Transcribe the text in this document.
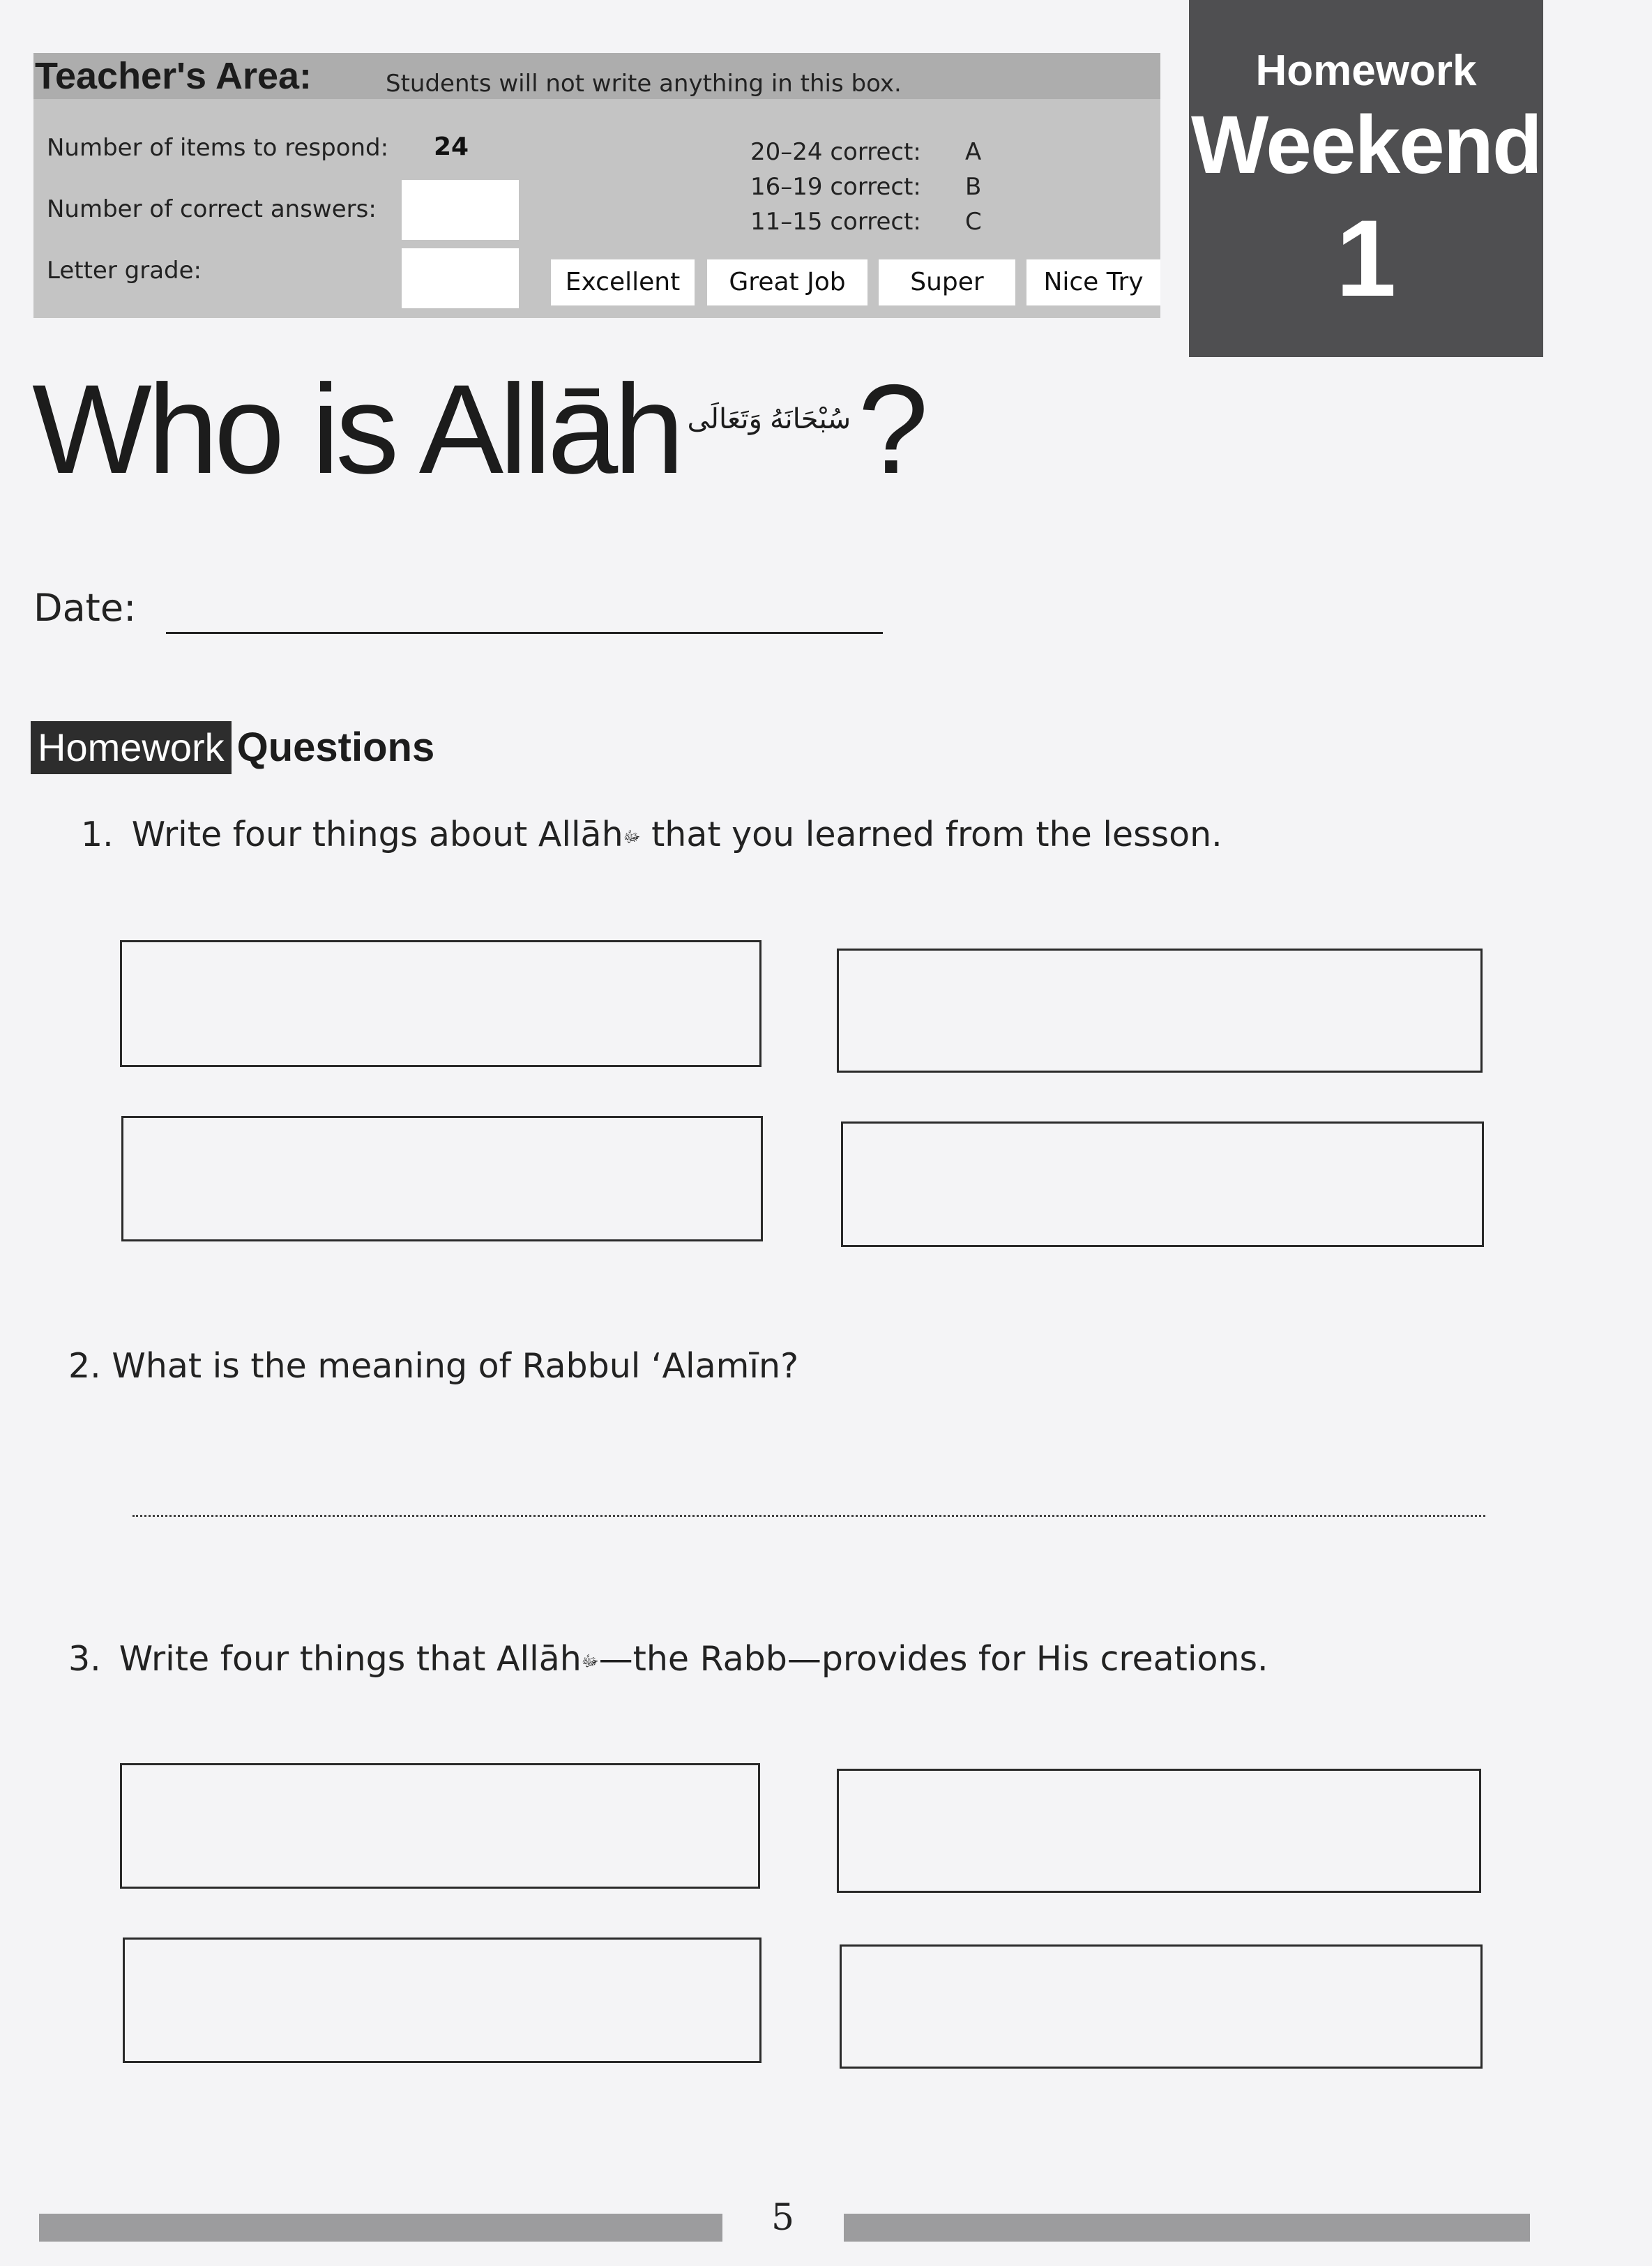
Teacher's Area:	Students will not write anything in this box.
Number of items to respond: 24
Number of correct answers:
Letter grade:
20–24 correct: A
16–19 correct: B
11–15 correct: C
Excellent	Great Job	Super	Nice Try
Homework
Weekend
1
Who is Allāh سُبْحَانَهُ وَتَعَالَى?
Date:
Homework Questions
1. Write four things about Allāhﷻ that you learned from the lesson.
2. What is the meaning of Rabbul ‘Alamīn?
3. Write four things that Allāhﷻ—the Rabb—provides for His creations.
5
